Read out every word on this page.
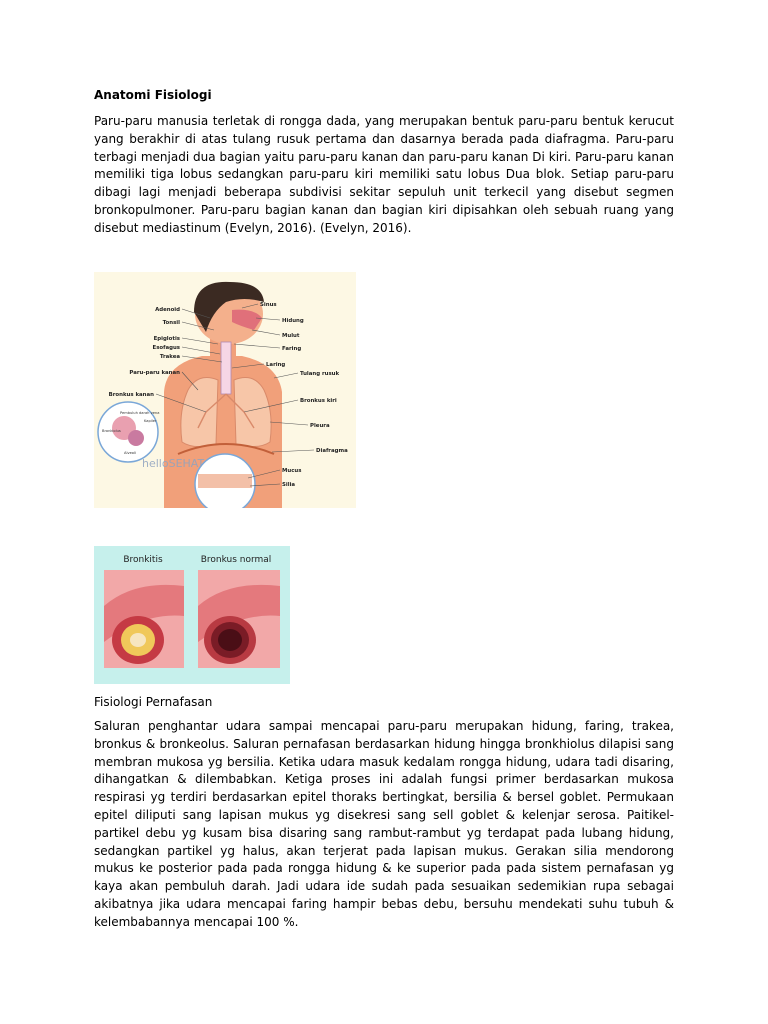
Anatomi Fisiologi

Paru-paru manusia terletak di rongga dada, yang merupakan bentuk paru-paru bentuk kerucut yang berakhir di atas tulang rusuk pertama dan dasarnya berada pada diafragma. Paru-paru terbagi menjadi dua bagian yaitu paru-paru kanan dan paru-paru kanan Di kiri. Paru-paru kanan memiliki tiga lobus sedangkan paru-paru kiri memiliki satu lobus Dua blok. Setiap paru-paru dibagi lagi menjadi beberapa subdivisi sekitar sepuluh unit terkecil yang disebut segmen bronkopulmoner. Paru-paru bagian kanan dan bagian kiri dipisahkan oleh sebuah ruang yang disebut mediastinum (Evelyn, 2016). (Evelyn, 2016).

Adenoid
Tonsil
Epiglotis
Esofagus
Trakea
Paru-paru kanan
Bronkus kanan
Sinus
Hidung
Mulut
Faring
Laring
Tulang rusuk
Bronkus kiri
Pleura
Diafragma
Mucus
Silia
Bronkiolus
Pembuluh darah vena
Kapiler
Alveoli
helloSEHAT
Bronkitis	Bronkus normal
Fisiologi Pernafasan

Saluran penghantar udara sampai mencapai paru-paru merupakan hidung, faring, trakea, bronkus & bronkeolus. Saluran pernafasan berdasarkan hidung hingga bronkhiolus dilapisi sang membran mukosa yg bersilia. Ketika udara masuk kedalam rongga hidung, udara tadi disaring, dihangatkan & dilembabkan. Ketiga proses ini adalah fungsi primer berdasarkan mukosa respirasi yg terdiri berdasarkan epitel thoraks bertingkat, bersilia & bersel goblet. Permukaan epitel diliputi sang lapisan mukus yg disekresi sang sell goblet & kelenjar serosa. Paitikel-partikel debu yg kusam bisa disaring sang rambut-rambut yg terdapat pada lubang hidung, sedangkan partikel yg halus, akan terjerat pada lapisan mukus. Gerakan silia mendorong mukus ke posterior pada pada rongga hidung & ke superior pada pada sistem pernafasan yg kaya akan pembuluh darah. Jadi udara ide sudah pada sesuaikan sedemikian rupa sebagai akibatnya jika udara mencapai faring hampir bebas debu, bersuhu mendekati suhu tubuh & kelembabannya mencapai 100 %.
